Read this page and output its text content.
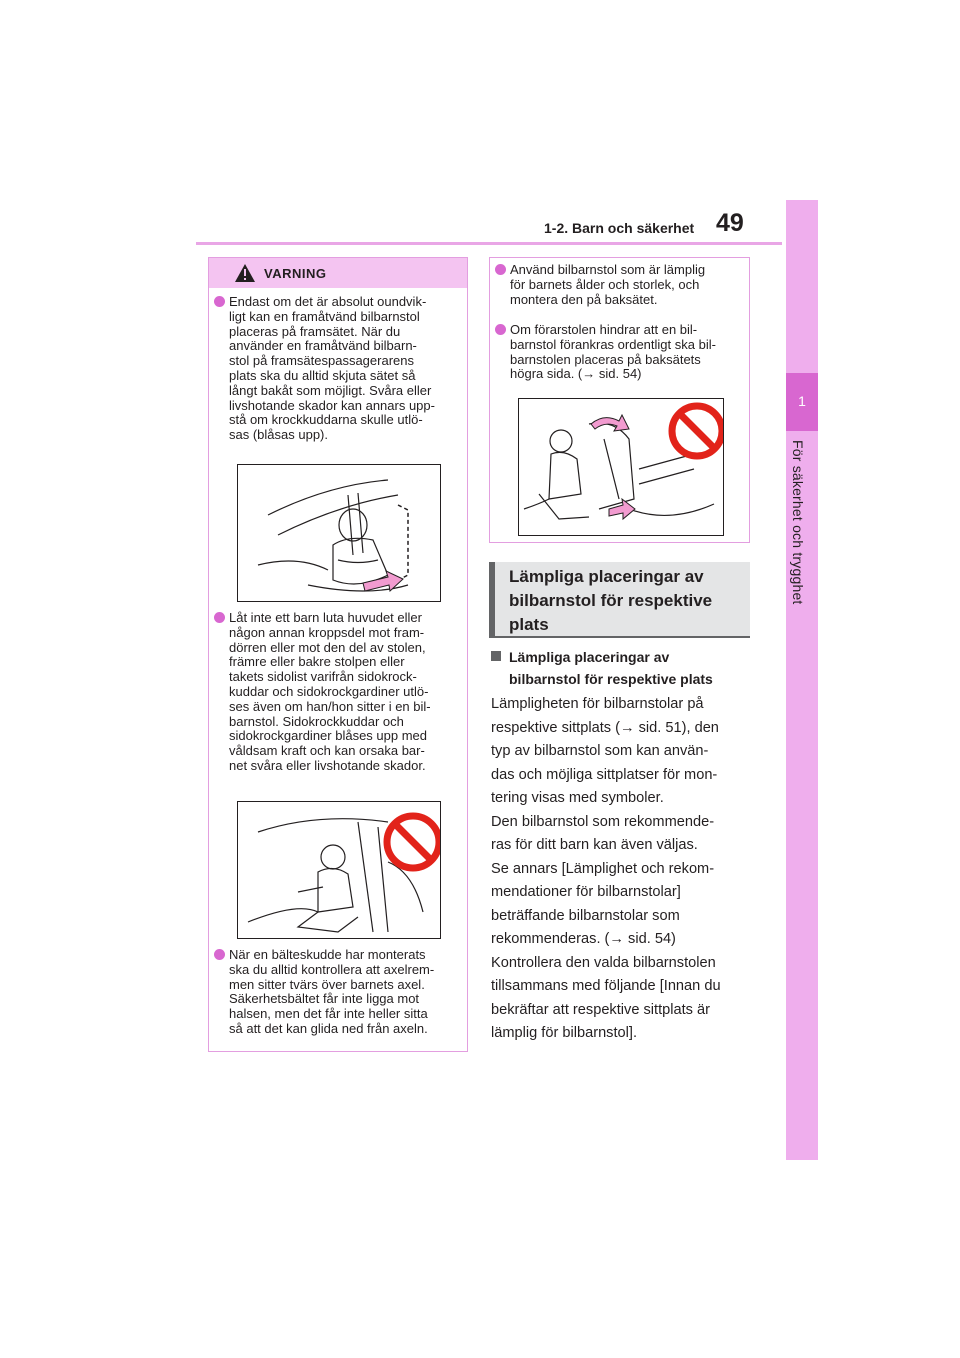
49
1-2. Barn och säkerhet
1
För säkerhet och trygghet
VARNING
Endast om det är absolut oundvik-
ligt kan en framåtvänd bilbarnstol
placeras på framsätet. När du
använder en framåtvänd bilbarn-
stol på framsätespassagerarens
plats ska du alltid skjuta sätet så
långt bakåt som möjligt. Svåra eller
livshotande skador kan annars upp-
stå om krockkuddarna skulle utlö-
sas (blåsas upp).
Låt inte ett barn luta huvudet eller
någon annan kroppsdel mot fram-
dörren eller mot den del av stolen,
främre eller bakre stolpen eller
takets sidolist varifrån sidokrock-
kuddar och sidokrockgardiner utlö-
ses även om han/hon sitter i en bil-
barnstol. Sidokrockkuddar och
sidokrockgardiner blåses upp med
våldsam kraft och kan orsaka bar-
net svåra eller livshotande skador.
När en bälteskudde har monterats
ska du alltid kontrollera att axelrem-
men sitter tvärs över barnets axel.
Säkerhetsbältet får inte ligga mot
halsen, men det får inte heller sitta
så att det kan glida ned från axeln.
Använd bilbarnstol som är lämplig
för barnets ålder och storlek, och
montera den på baksätet.
Om förarstolen hindrar att en bil-
barnstol förankras ordentligt ska bil-
barnstolen placeras på baksätets
högra sida. (→ sid. 54)
Lämpliga placeringar av
bilbarnstol för respektive
plats
Lämpliga placeringar av
bilbarnstol för respektive plats
Lämpligheten för bilbarnstolar på
respektive sittplats (→ sid. 51), den
typ av bilbarnstol som kan använ-
das och möjliga sittplatser för mon-
tering visas med symboler.
Den bilbarnstol som rekommende-
ras för ditt barn kan även väljas.
Se annars [Lämplighet och rekom-
mendationer för bilbarnstolar]
beträffande bilbarnstolar som
rekommenderas. (→ sid. 54)
Kontrollera den valda bilbarnstolen
tillsammans med följande [Innan du
bekräftar att respektive sittplats är
lämplig för bilbarnstol].
